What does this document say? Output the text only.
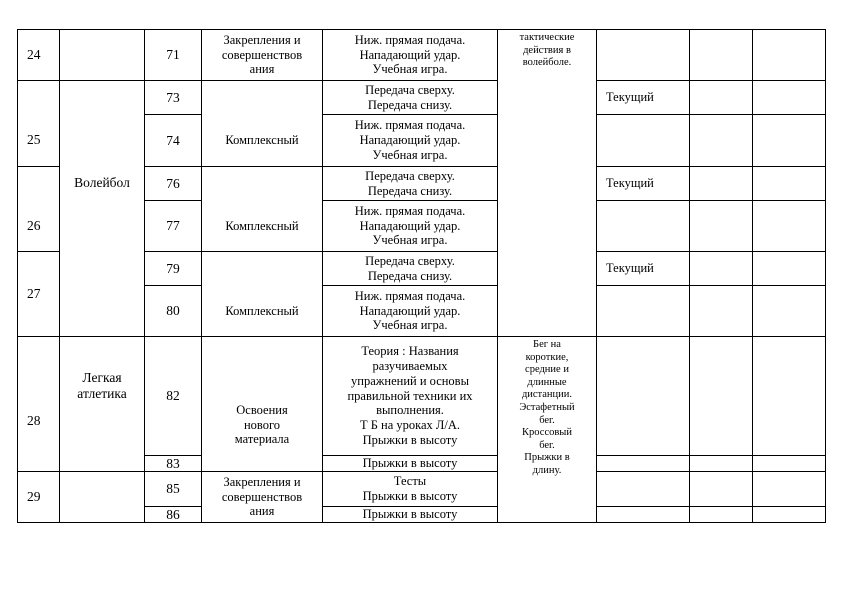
24
25
26
27
28
29
Волейбол
Легкая
атлетика
71
73
74
76
77
79
80
82
83
85
86
Закрепления и
совершенствов
ания
Комплексный
Комплексный
Комплексный
Освоения
нового
материала
Закрепления и
совершенствов
ания
Ниж. прямая подача.
Нападающий удар.
Учебная игра.
Передача сверху.
Передача снизу.
Ниж. прямая подача.
Нападающий удар.
Учебная игра.
Передача сверху.
Передача снизу.
Ниж. прямая подача.
Нападающий удар.
Учебная игра.
Передача сверху.
Передача снизу.
Ниж. прямая подача.
Нападающий удар.
Учебная игра.
Теория : Названия
разучиваемых
упражнений и основы
правильной техники их
выполнения.
Т Б на уроках Л/А.
Прыжки в высоту
Прыжки в высоту
Тесты
Прыжки в высоту
Прыжки в высоту
тактические
действия в
волейболе.
Бег на
короткие,
средние и
длинные
дистанции.
Эстафетный
бег.
Кроссовый
бег.
Прыжки в
длину.
Текущий
Текущий
Текущий
